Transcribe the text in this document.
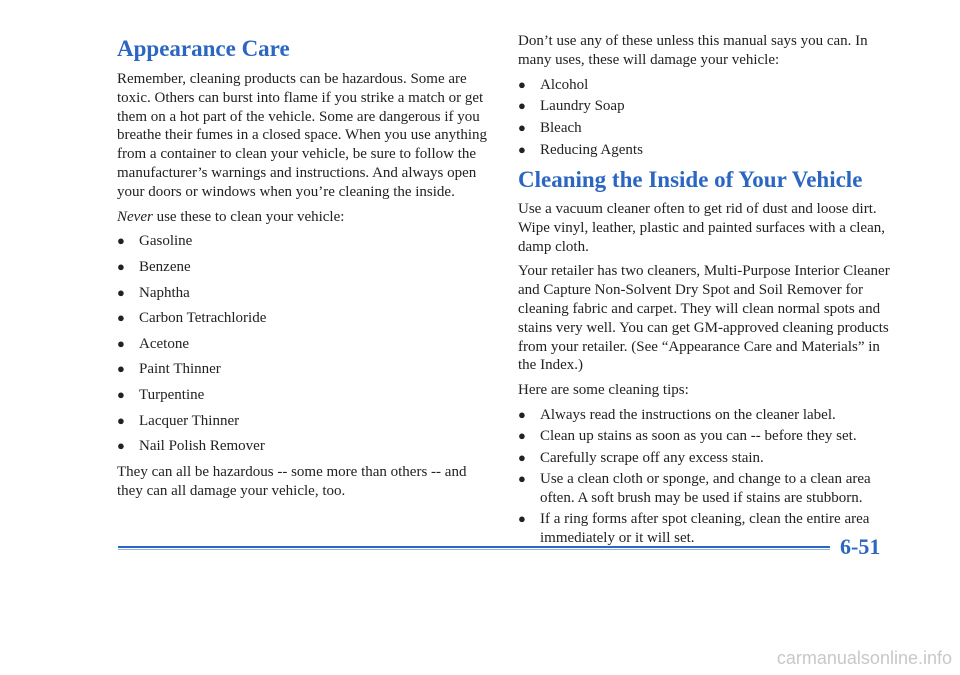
Appearance Care

Remember, cleaning products can be hazardous. Some are toxic. Others can burst into flame if you strike a match or get them on a hot part of the vehicle. Some are dangerous if you breathe their fumes in a closed space. When you use anything from a container to clean your vehicle, be sure to follow the manufacturer’s warnings and instructions. And always open your doors or windows when you’re cleaning the inside.

Never use these to clean your vehicle:

● Gasoline
● Benzene
● Naphtha
● Carbon Tetrachloride
● Acetone
● Paint Thinner
● Turpentine
● Lacquer Thinner
● Nail Polish Remover

They can all be hazardous -- some more than others -- and they can all damage your vehicle, too.

Don’t use any of these unless this manual says you can. In many uses, these will damage your vehicle:

● Alcohol
● Laundry Soap
● Bleach
● Reducing Agents
Cleaning the Inside of Your Vehicle

Use a vacuum cleaner often to get rid of dust and loose dirt. Wipe vinyl, leather, plastic and painted surfaces with a clean, damp cloth.

Your retailer has two cleaners, Multi-Purpose Interior Cleaner and Capture Non-Solvent Dry Spot and Soil Remover for cleaning fabric and carpet. They will clean normal spots and stains very well. You can get GM-approved cleaning products from your retailer. (See “Appearance Care and Materials” in the Index.)

Here are some cleaning tips:

● Always read the instructions on the cleaner label.
● Clean up stains as soon as you can -- before they set.
● Carefully scrape off any excess stain.
● Use a clean cloth or sponge, and change to a clean area often. A soft brush may be used if stains are stubborn.
● If a ring forms after spot cleaning, clean the entire area immediately or it will set.	6-51
carmanualsonline.info
